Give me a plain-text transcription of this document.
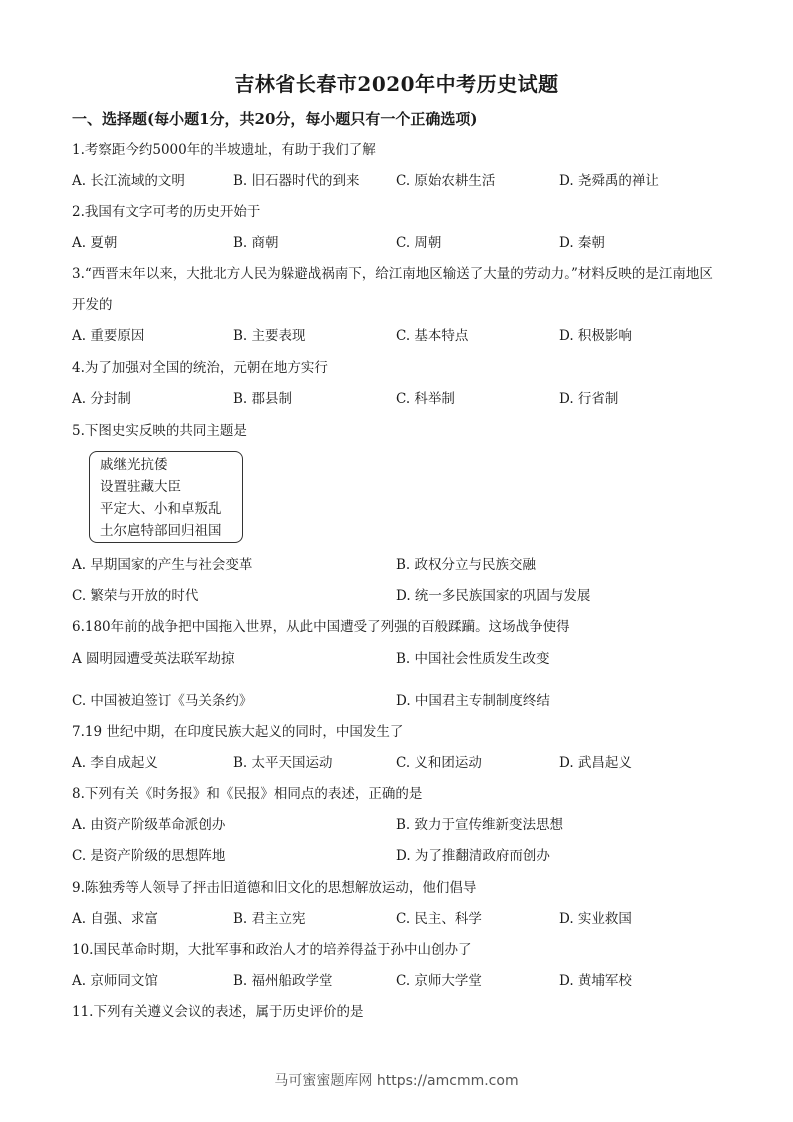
吉林省长春市2020年中考历史试题
一、选择题(每小题1分，共20分，每小题只有一个正确选项)
1.考察距今约5000年的半坡遗址，有助于我们了解
A. 长江流域的文明	B. 旧石器时代的到来	C. 原始农耕生活	D. 尧舜禹的禅让
2.我国有文字可考的历史开始于
A. 夏朝	B. 商朝	C. 周朝	D. 秦朝
3.“西晋末年以来，大批北方人民为躲避战祸南下，给江南地区输送了大量的劳动力。”材料反映的是江南地区开发的
A. 重要原因	B. 主要表现	C. 基本特点	D. 积极影响
4.为了加强对全国的统治，元朝在地方实行
A. 分封制	B. 郡县制	C. 科举制	D. 行省制
5.下图史实反映的共同主题是
戚继光抗倭
设置驻藏大臣
平定大、小和卓叛乱
土尔扈特部回归祖国
A. 早期国家的产生与社会变革	B. 政权分立与民族交融
C. 繁荣与开放的时代	D. 统一多民族国家的巩固与发展
6.180年前的战争把中国拖入世界，从此中国遭受了列强的百般蹂躏。这场战争使得
A 圆明园遭受英法联军劫掠	B. 中国社会性质发生改变
C. 中国被迫签订《马关条约》	D. 中国君主专制制度终结
7.19 世纪中期，在印度民族大起义的同时，中国发生了
A. 李自成起义	B. 太平天国运动	C. 义和团运动	D. 武昌起义
8.下列有关《时务报》和《民报》相同点的表述，正确的是
A. 由资产阶级革命派创办	B. 致力于宣传维新变法思想
C. 是资产阶级的思想阵地	D. 为了推翻清政府而创办
9.陈独秀等人领导了抨击旧道德和旧文化的思想解放运动，他们倡导
A. 自强、求富	B. 君主立宪	C. 民主、科学	D. 实业救国
10.国民革命时期，大批军事和政治人才的培养得益于孙中山创办了
A. 京师同文馆	B. 福州船政学堂	C. 京师大学堂	D. 黄埔军校
11.下列有关遵义会议的表述，属于历史评价的是
马可蜜蜜题库网 https://amcmm.com
